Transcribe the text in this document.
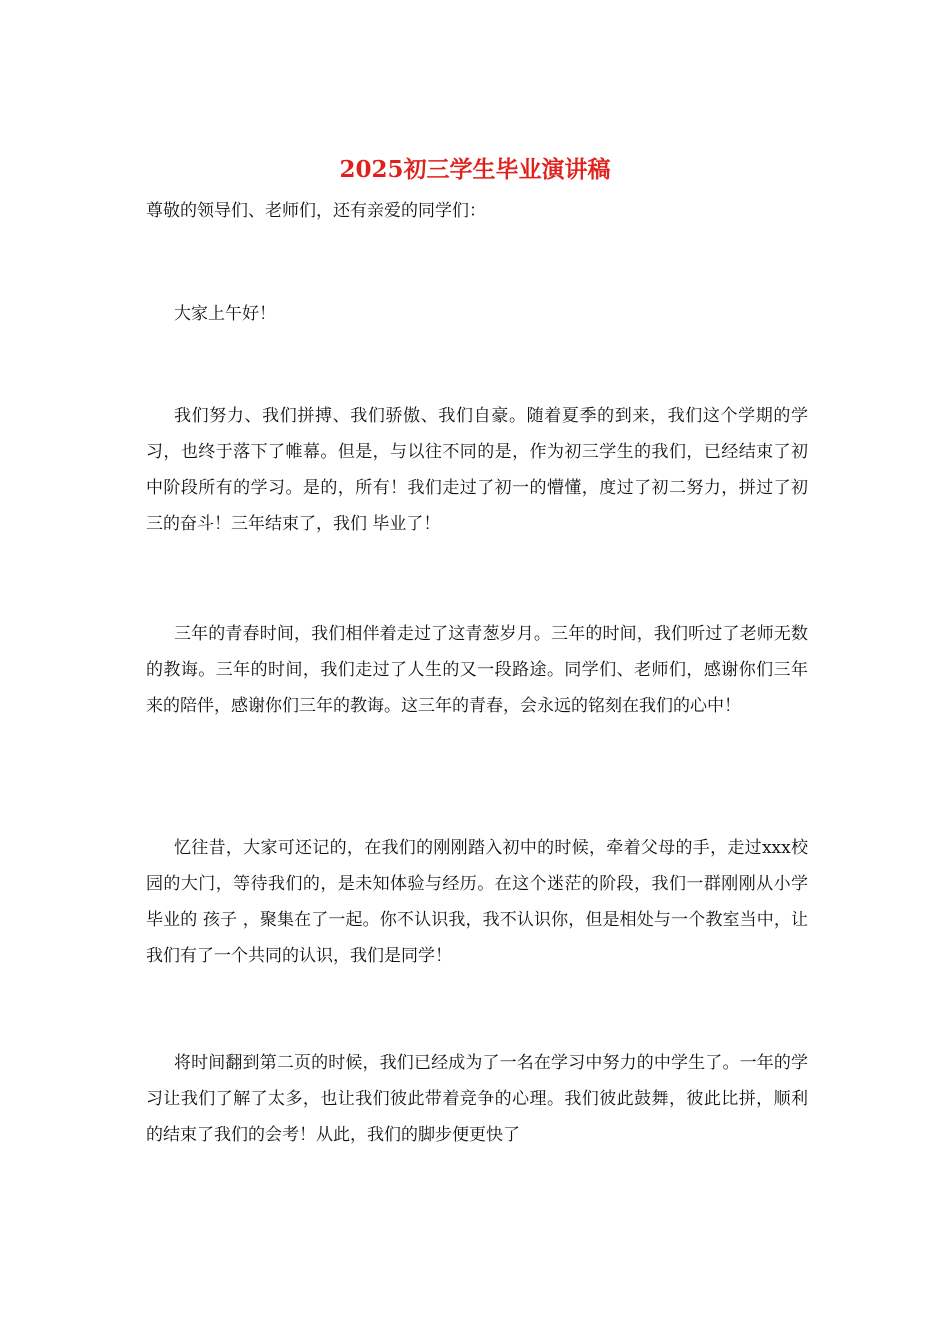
2025初三学生毕业演讲稿

尊敬的领导们、老师们，还有亲爱的同学们：

大家上午好！

我们努力、我们拼搏、我们骄傲、我们自豪。随着夏季的到来，我们这个学期的学习，也终于落下了帷幕。但是，与以往不同的是，作为初三学生的我们，已经结束了初中阶段所有的学习。是的，所有！我们走过了初一的懵懂，度过了初二努力，拼过了初三的奋斗！三年结束了，我们 毕业了！

三年的青春时间，我们相伴着走过了这青葱岁月。三年的时间，我们听过了老师无数的教诲。三年的时间，我们走过了人生的又一段路途。同学们、老师们，感谢你们三年来的陪伴，感谢你们三年的教诲。这三年的青春，会永远的铭刻在我们的心中！

忆往昔，大家可还记的，在我们的刚刚踏入初中的时候，牵着父母的手，走过xxx校园的大门，等待我们的，是未知体验与经历。在这个迷茫的阶段，我们一群刚刚从小学毕业的 孩子 ，聚集在了一起。你不认识我，我不认识你，但是相处与一个教室当中，让我们有了一个共同的认识，我们是同学！

将时间翻到第二页的时候，我们已经成为了一名在学习中努力的中学生了。一年的学习让我们了解了太多，也让我们彼此带着竞争的心理。我们彼此鼓舞，彼此比拼，顺利的结束了我们的会考！从此，我们的脚步便更快了
